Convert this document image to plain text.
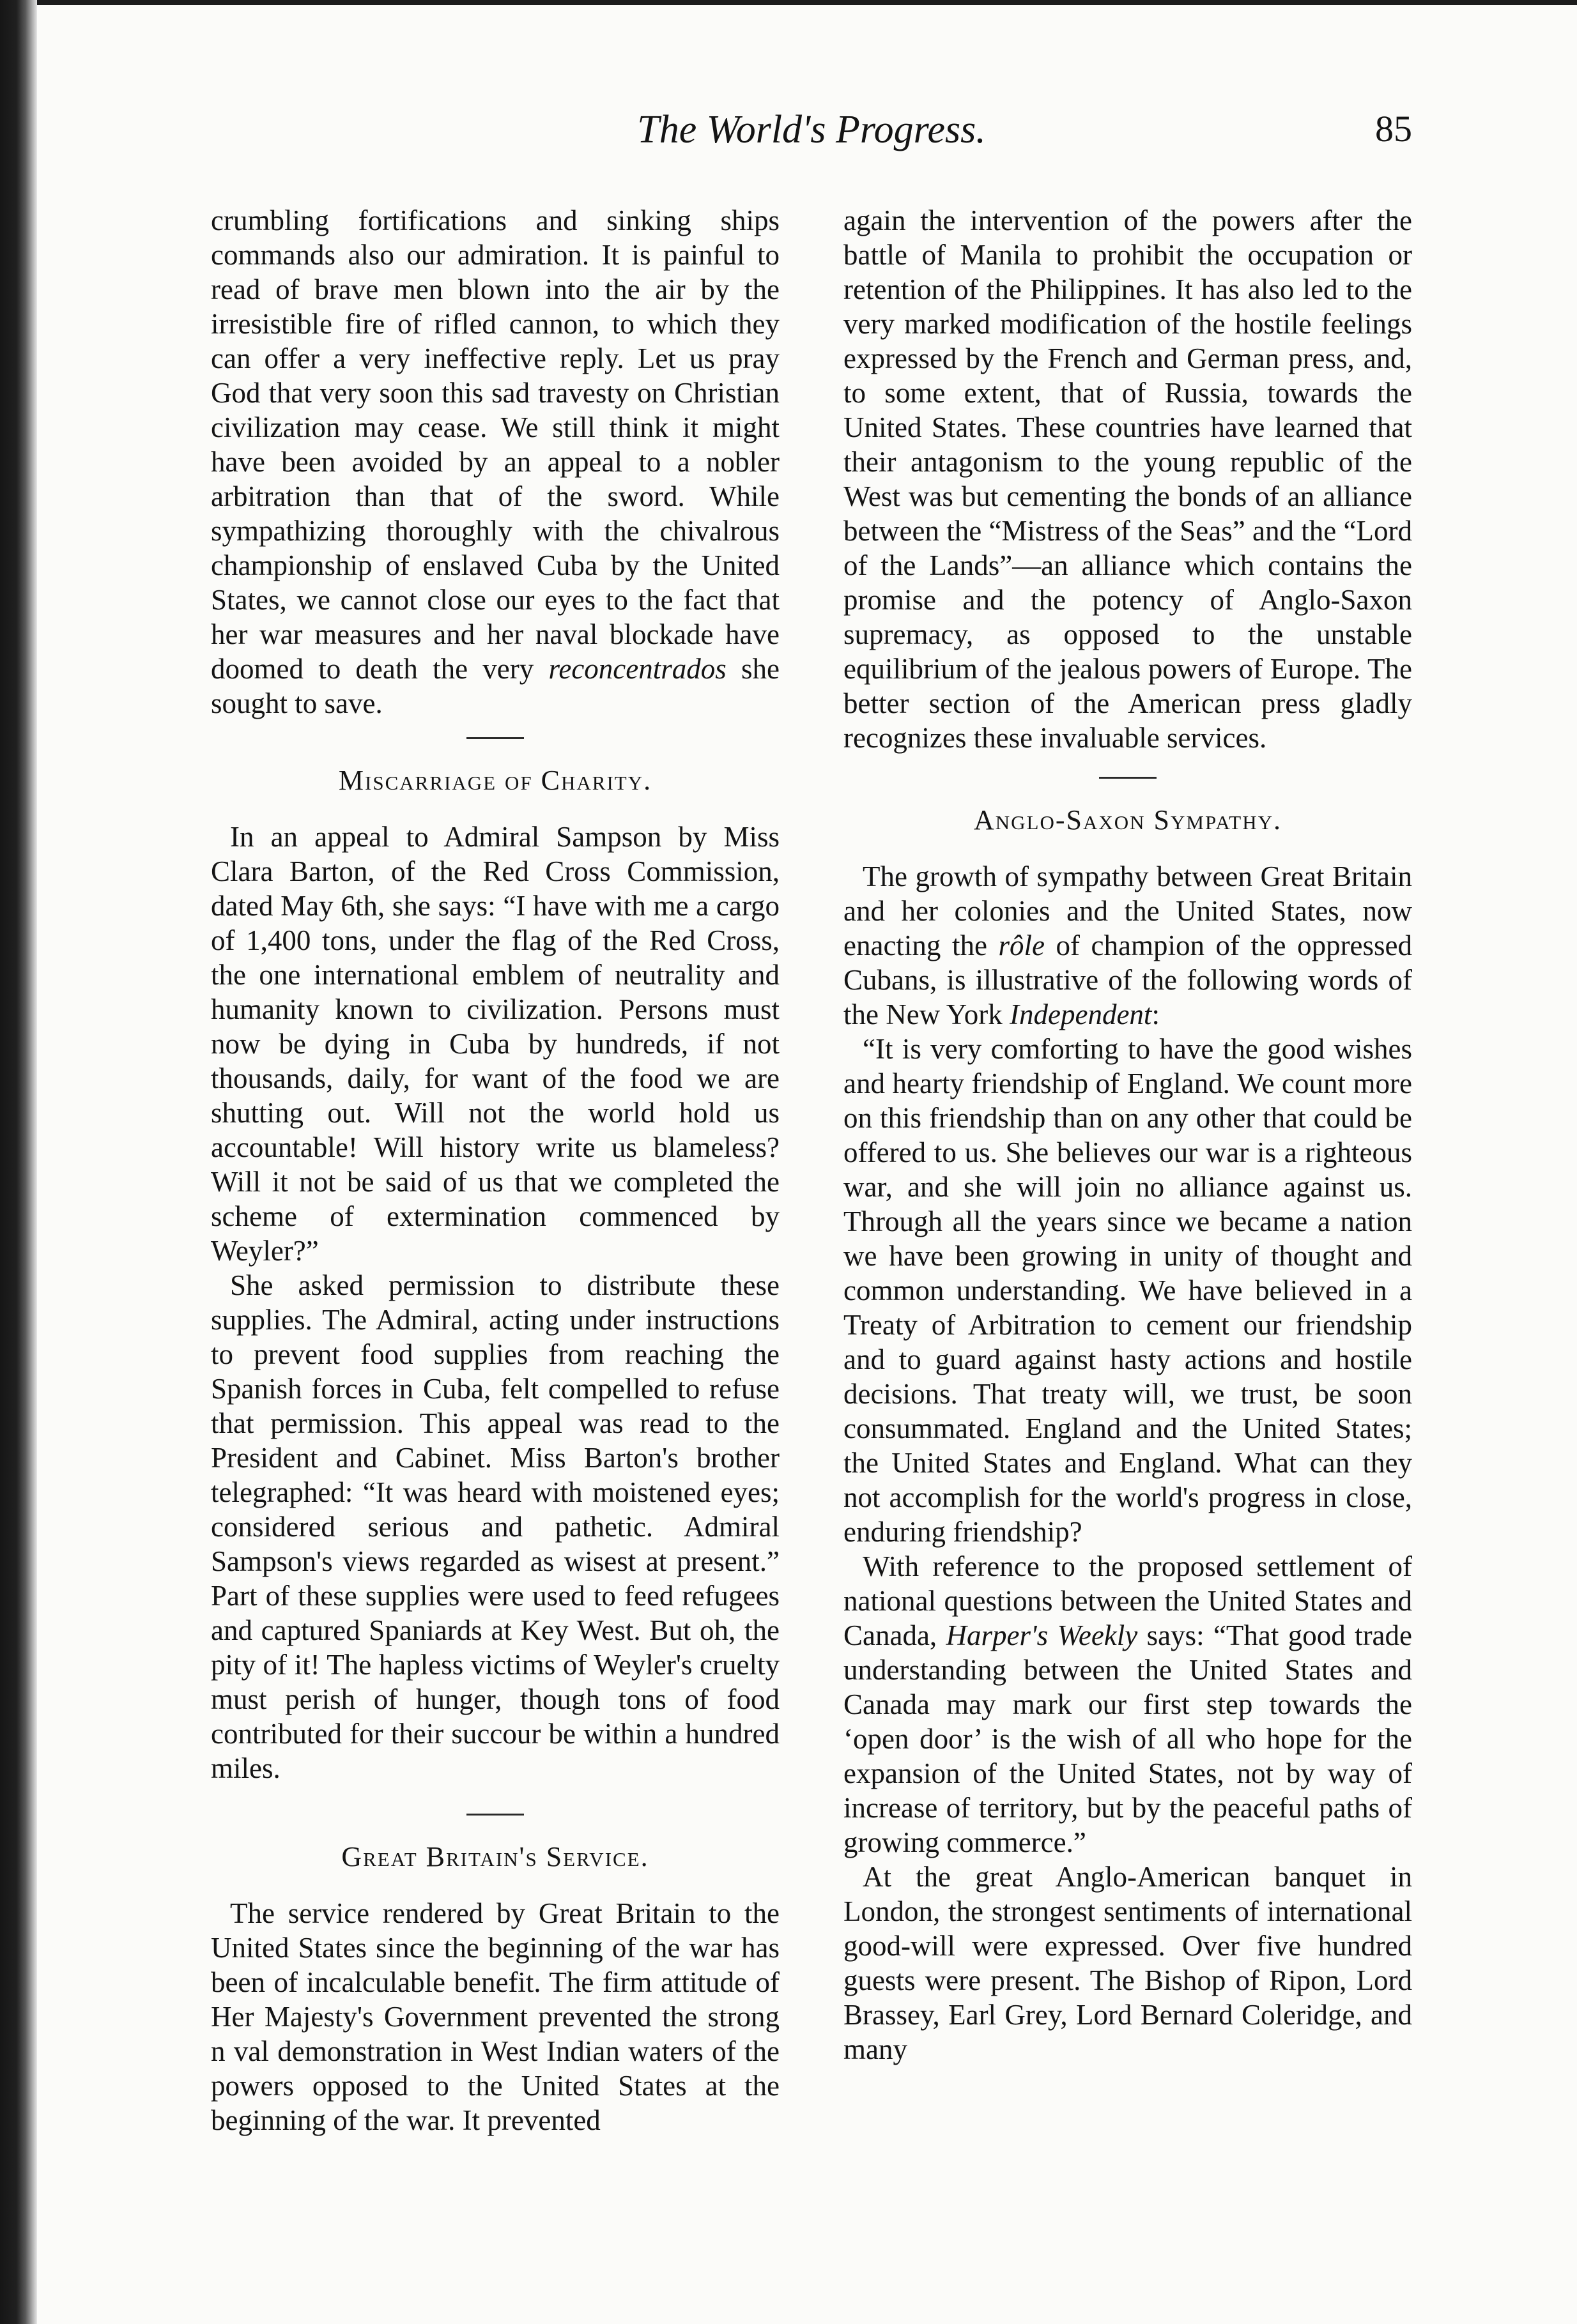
The World's Progress.	85

crumbling fortifications and sinking ships commands also our admiration. It is painful to read of brave men blown into the air by the irresistible fire of rifled cannon, to which they can offer a very ineffective reply. Let us pray God that very soon this sad travesty on Christian civilization may cease. We still think it might have been avoided by an appeal to a nobler arbitration than that of the sword. While sympathizing thoroughly with the chivalrous championship of enslaved Cuba by the United States, we cannot close our eyes to the fact that her war measures and her naval blockade have doomed to death the very reconcentrados she sought to save.

Miscarriage of Charity.

In an appeal to Admiral Sampson by Miss Clara Barton, of the Red Cross Commission, dated May 6th, she says: “I have with me a cargo of 1,400 tons, under the flag of the Red Cross, the one international emblem of neutrality and humanity known to civilization. Persons must now be dying in Cuba by hundreds, if not thousands, daily, for want of the food we are shutting out. Will not the world hold us accountable! Will history write us blameless? Will it not be said of us that we completed the scheme of extermination commenced by Weyler?”

She asked permission to distribute these supplies. The Admiral, acting under instructions to prevent food supplies from reaching the Spanish forces in Cuba, felt compelled to refuse that permission. This appeal was read to the President and Cabinet. Miss Barton's brother telegraphed: “It was heard with moistened eyes; considered serious and pathetic. Admiral Sampson's views regarded as wisest at present.” Part of these supplies were used to feed refugees and captured Spaniards at Key West. But oh, the pity of it! The hapless victims of Weyler's cruelty must perish of hunger, though tons of food contributed for their succour be within a hundred miles.

Great Britain's Service.

The service rendered by Great Britain to the United States since the beginning of the war has been of incalculable benefit. The firm attitude of Her Majesty's Government prevented the strong n val demonstration in West Indian waters of the powers opposed to the United States at the beginning of the war. It prevented

again the intervention of the powers after the battle of Manila to prohibit the occupation or retention of the Philippines. It has also led to the very marked modification of the hostile feelings expressed by the French and German press, and, to some extent, that of Russia, towards the United States. These countries have learned that their antagonism to the young republic of the West was but cementing the bonds of an alliance between the “Mistress of the Seas” and the “Lord of the Lands”—an alliance which contains the promise and the potency of Anglo-Saxon supremacy, as opposed to the unstable equilibrium of the jealous powers of Europe. The better section of the American press gladly recognizes these invaluable services.

Anglo-Saxon Sympathy.

The growth of sympathy between Great Britain and her colonies and the United States, now enacting the rôle of champion of the oppressed Cubans, is illustrative of the following words of the New York Independent:

“It is very comforting to have the good wishes and hearty friendship of England. We count more on this friendship than on any other that could be offered to us. She believes our war is a righteous war, and she will join no alliance against us. Through all the years since we became a nation we have been growing in unity of thought and common understanding. We have believed in a Treaty of Arbitration to cement our friendship and to guard against hasty actions and hostile decisions. That treaty will, we trust, be soon consummated. England and the United States; the United States and England. What can they not accomplish for the world's progress in close, enduring friendship?

With reference to the proposed settlement of national questions between the United States and Canada, Harper's Weekly says: “That good trade understanding between the United States and Canada may mark our first step towards the ‘open door’ is the wish of all who hope for the expansion of the United States, not by way of increase of territory, but by the peaceful paths of growing commerce.”

At the great Anglo-American banquet in London, the strongest sentiments of international good-will were expressed. Over five hundred guests were present. The Bishop of Ripon, Lord Brassey, Earl Grey, Lord Bernard Coleridge, and many
